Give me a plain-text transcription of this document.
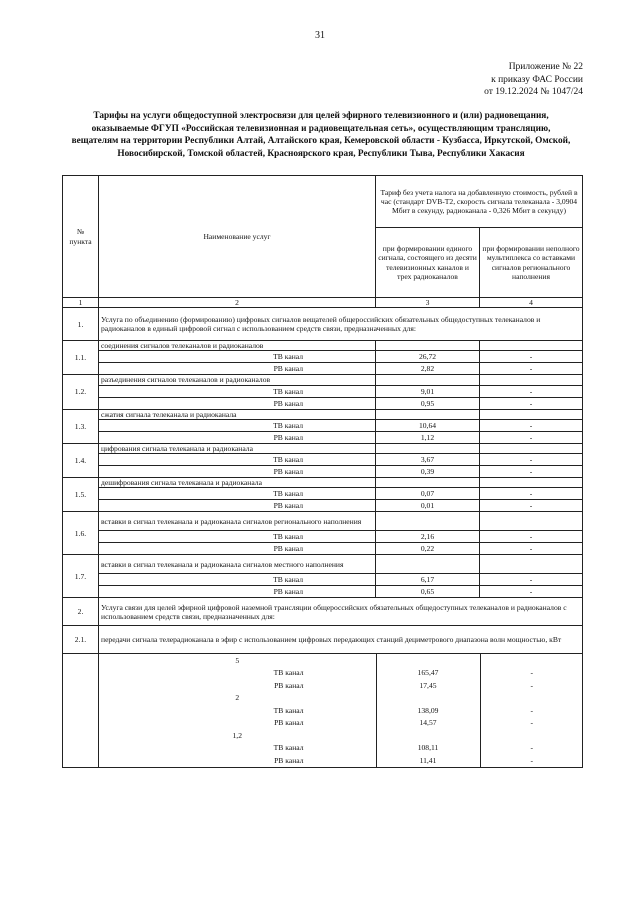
31
Приложение № 22
к приказу ФАС России
от 19.12.2024 № 1047/24
Тарифы на услуги общедоступной электросвязи для целей эфирного телевизионного и (или) радиовещания,
оказываемые ФГУП «Российская телевизионная и радиовещательная сеть», осуществляющим трансляцию,
вещателям на территории Республики Алтай, Алтайского края, Кемеровской области - Кузбасса, Иркутской, Омской,
Новосибирской, Томской областей, Красноярского края, Республики Тыва, Республики Хакасия
№ пункта	Наименование услуг	Тариф без учета налога на добавленную стоимость, рублей в час (стандарт DVB-T2, скорость сигнала телеканала - 3,0904 Мбит в секунду, радиоканала - 0,326 Мбит в секунду)
при формировании единого сигнала, состоящего из десяти телевизионных каналов и трех радиоканалов	при формировании неполного мультиплекса со вставками сигналов регионального наполнения
1	2	3	4
1.	Услуга по объединению (формированию) цифровых сигналов вещателей общероссийских обязательных общедоступных телеканалов и радиоканалов в единый цифровой сигнал с использованием средств связи, предназначенных для:
1.1.	соединения сигналов телеканалов и радиоканалов		
ТВ канал	26,72	-
РВ канал	2,82	-
1.2.	разъединения сигналов телеканалов и радиоканалов		
ТВ канал	9,01	-
РВ канал	0,95	-
1.3.	сжатия сигнала телеканала и радиоканала		
ТВ канал	10,64	-
РВ канал	1,12	-
1.4.	цифрования сигнала телеканала и радиоканала		
ТВ канал	3,67	-
РВ канал	0,39	-
1.5.	дешифрования сигнала телеканала и радиоканала		
ТВ канал	0,07	-
РВ канал	0,01	-
1.6.	вставки в сигнал телеканала и радиоканала сигналов регионального наполнения		
ТВ канал	2,16	-
РВ канал	0,22	-
1.7.	вставки в сигнал телеканала и радиоканала сигналов местного наполнения		
ТВ канал	6,17	-
РВ канал	0,65	-
2.	Услуга связи для целей эфирной цифровой наземной трансляции общероссийских обязательных общедоступных телеканалов и радиоканалов с использованием средств связи, предназначенных для:
2.1.	передачи сигнала телерадиоканала в эфир с использованием цифровых передающих станций дециметрового диапазона волн мощностью, кВт

5		
ТВ канал	165,47	-
РВ канал	17,45	-
2		
ТВ канал	138,09	-
РВ канал	14,57	-
1,2		
ТВ канал	108,11	-
РВ канал	11,41	-
